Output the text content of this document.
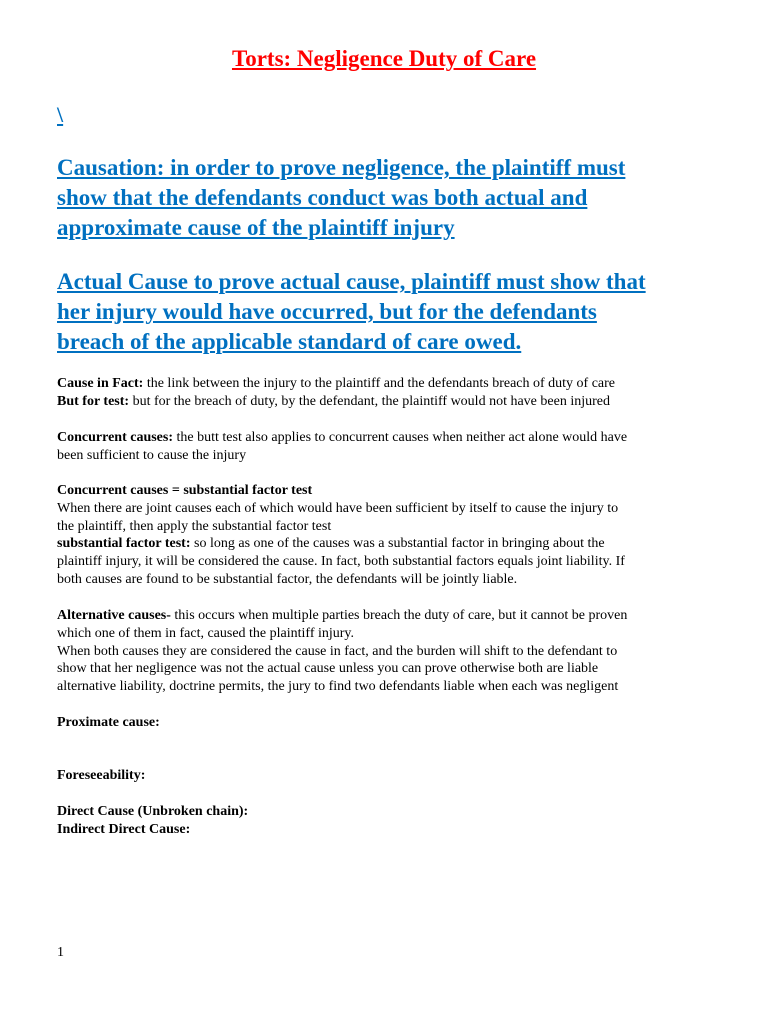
Torts: Negligence Duty of Care

\

Causation: in order to prove negligence, the plaintiff must
show that the defendants conduct was both actual and
approximate cause of the plaintiff injury
Actual Cause to prove actual cause, plaintiff must show that
her injury would have occurred, but for the defendants
breach of the applicable standard of care owed.

Cause in Fact: the link between the injury to the plaintiff and the defendants breach of duty of care
But for test: but for the breach of duty, by the defendant, the plaintiff would not have been injured

Concurrent causes: the butt test also applies to concurrent causes when neither act alone would have
been sufficient to cause the injury

Concurrent causes = substantial factor test
When there are joint causes each of which would have been sufficient by itself to cause the injury to
the plaintiff, then apply the substantial factor test
substantial factor test: so long as one of the causes was a substantial factor in bringing about the
plaintiff injury, it will be considered the cause. In fact, both substantial factors equals joint liability. If
both causes are found to be substantial factor, the defendants will be jointly liable.

Alternative causes- this occurs when multiple parties breach the duty of care, but it cannot be proven
which one of them in fact, caused the plaintiff injury.
When both causes they are considered the cause in fact, and the burden will shift to the defendant to
show that her negligence was not the actual cause unless you can prove otherwise both are liable
alternative liability, doctrine permits, the jury to find two defendants liable when each was negligent

Proximate cause:

Foreseeability:

Direct Cause (Unbroken chain):
Indirect Direct Cause:

1
